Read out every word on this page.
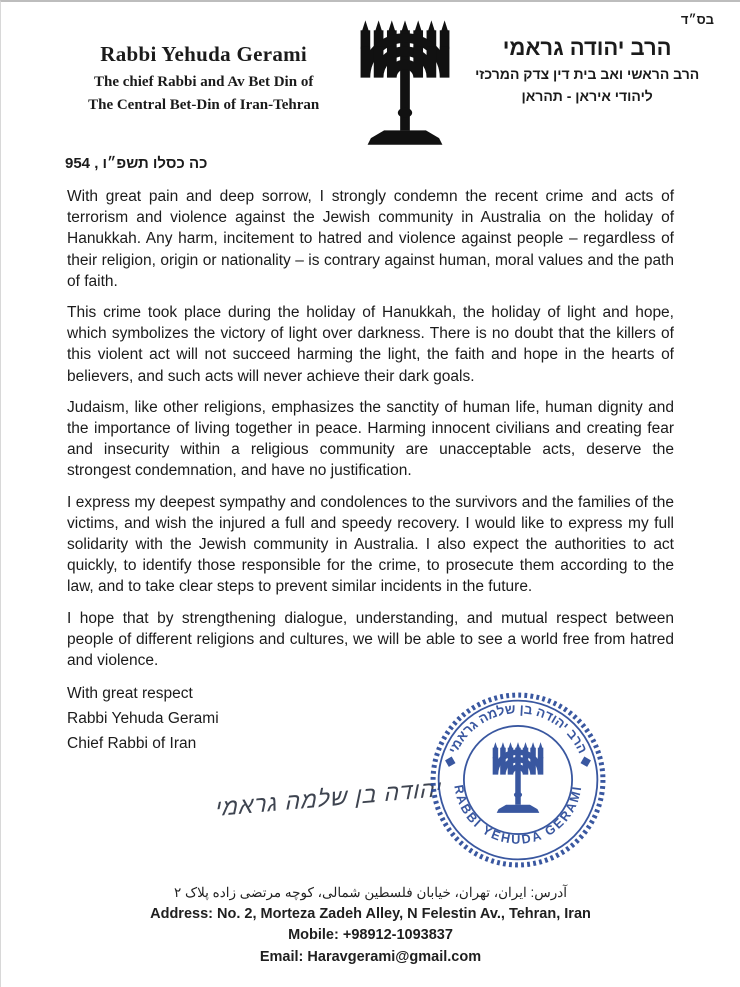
Rabbi Yehuda Gerami
The chief Rabbi and Av Bet Din of
The Central Bet-Din of Iran-Tehran
בס״ד
הרב יהודה גראמי
הרב הראשי ואב בית דין צדק המרכזי
ליהודי איראן - תהראן
כה כסלו תשפ״ו , 954

With great pain and deep sorrow, I strongly condemn the recent crime and acts of terrorism and violence against the Jewish community in Australia on the holiday of Hanukkah. Any harm, incitement to hatred and violence against people – regardless of their religion, origin or nationality – is contrary against human, moral values and the path of faith.

This crime took place during the holiday of Hanukkah, the holiday of light and hope, which symbolizes the victory of light over darkness. There is no doubt that the killers of this violent act will not succeed harming the light, the faith and hope in the hearts of believers, and such acts will never achieve their dark goals.

Judaism, like other religions, emphasizes the sanctity of human life, human dignity and the importance of living together in peace. Harming innocent civilians and creating fear and insecurity within a religious community are unacceptable acts, deserve the strongest condemnation, and have no justification.

I express my deepest sympathy and condolences to the survivors and the families of the victims, and wish the injured a full and speedy recovery. I would like to express my full solidarity with the Jewish community in Australia. I also expect the authorities to act quickly, to identify those responsible for the crime, to prosecute them according to the law, and to take clear steps to prevent similar incidents in the future.

I hope that by strengthening dialogue, understanding, and mutual respect between people of different religions and cultures, we will be able to see a world free from hatred and violence.

With great respect
Rabbi Yehuda Gerami
Chief Rabbi of Iran
יהודה בן שלמה גראמי
◆ הרב יהודה בן שלמה גראמי ◆
RABBI YEHUDA GERAMI
آدرس: ایران، تهران، خیابان فلسطین شمالی، کوچه مرتضی زاده پلاک ۲
Address: No. 2, Morteza Zadeh Alley, N Felestin Av., Tehran, Iran
Mobile: +98912-1093837
Email: Haravgerami@gmail.com
